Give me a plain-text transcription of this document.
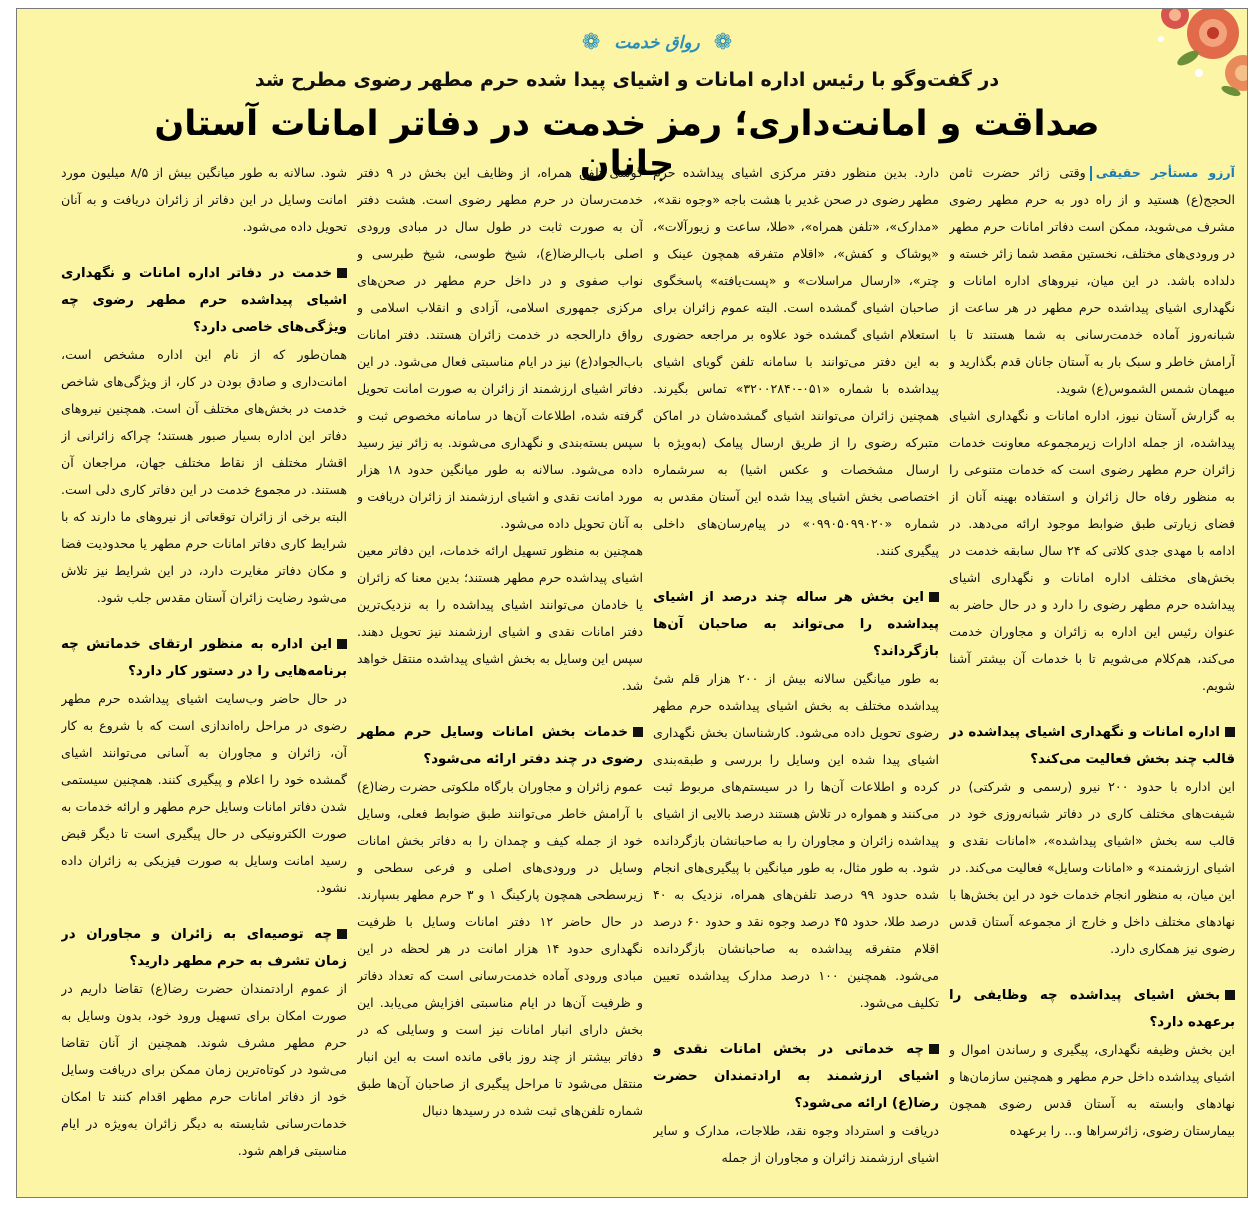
❁
رواق خدمت
❁
در گفت‌وگو با رئیس اداره امانات و اشیای پیدا شده حرم مطهر رضوی مطرح شد
صداقت و امانت‌داری؛ رمز خدمت در دفاتر امانات آستان جانان	آرزو مستأجر حقیقیوقتی زائر حضرت ثامن الحجج(ع) هستید و از راه دور به حرم مطهر رضوی مشرف می‌شوید، ممکن است دفاتر امانات حرم مطهر در ورودی‌های مختلف، نخستین مقصد شما زائر خسته و دلداده باشد. در این میان، نیروهای اداره امانات و نگهداری اشیای پیداشده حرم مطهر در هر ساعت از شبانه‌روز آماده خدمت‌رسانی به شما هستند تا با آرامش خاطر و سبک بار به آستان جانان قدم بگذارید و میهمان شمس الشموس(ع) شوید.

به گزارش آستان نیوز، اداره امانات و نگهداری اشیای پیداشده، از جمله ادارات زیرمجموعه معاونت خدمات زائران حرم مطهر رضوی است که خدمات متنوعی را به منظور رفاه حال زائران و استفاده بهینه آنان از فضای زیارتی طبق ضوابط موجود ارائه می‌دهد. در ادامه با مهدی جدی کلاتی که ۲۴ سال سابقه خدمت در بخش‌های مختلف اداره امانات و نگهداری اشیای پیداشده حرم مطهر رضوی را دارد و در حال حاضر به عنوان رئیس این اداره به زائران و مجاوران خدمت می‌کند، هم‌کلام می‌شویم تا با خدمات آن بیشتر آشنا شویم.

اداره امانات و نگهداری اشیای پیداشده در قالب چند بخش فعالیت می‌کند؟

این اداره با حدود ۲۰۰ نیرو (رسمی و شرکتی) در شیفت‌های مختلف کاری در دفاتر شبانه‌روزی خود در قالب سه بخش «اشیای پیداشده»، «امانات نقدی و اشیای ارزشمند» و «امانات وسایل» فعالیت می‌کند. در این میان، به منظور انجام خدمات خود در این بخش‌ها با نهادهای مختلف داخل و خارج از مجموعه آستان قدس رضوی نیز همکاری دارد.

بخش اشیای پیداشده چه وظایفی را برعهده دارد؟

این بخش وظیفه نگهداری، پیگیری و رساندن اموال و اشیای پیداشده داخل حرم مطهر و همچنین سازمان‌ها و نهادهای وابسته به آستان قدس رضوی همچون بیمارستان رضوی، زائرسراها و... را برعهده

دارد. بدین منظور دفتر مرکزی اشیای پیداشده حرم مطهر رضوی در صحن غدیر با هشت باجه «وجوه نقد»، «مدارک»، «تلفن همراه»، «طلا، ساعت و زیورآلات»، «پوشاک و کفش»، «اقلام متفرقه همچون عینک و چتر»، «ارسال مراسلات» و «پست‌یافته» پاسخگوی صاحبان اشیای گمشده است. البته عموم زائران برای استعلام اشیای گمشده خود علاوه بر مراجعه حضوری به این دفتر می‌توانند با سامانه تلفن گویای اشیای پیداشده با شماره «۰۵۱-۳۲۰۰۲۸۴۰» تماس بگیرند. همچنین زائران می‌توانند اشیای گمشده‌شان در اماکن متبرکه رضوی را از طریق ارسال پیامک (به‌ویژه با ارسال مشخصات و عکس اشیا) به سرشماره اختصاصی بخش اشیای پیدا شده این آستان مقدس به شماره «۰۹۹۰۵۰۹۹۰۲۰» در پیام‌رسان‌های داخلی پیگیری کنند.

این بخش هر ساله چند درصد از اشیای پیداشده را می‌تواند به صاحبان آن‌ها بازگرداند؟

به طور میانگین سالانه بیش از ۲۰۰ هزار قلم شیٔ پیداشده مختلف به بخش اشیای پیداشده حرم مطهر رضوی تحویل داده می‌شود. کارشناسان بخش نگهداری اشیای پیدا شده این وسایل را بررسی و طبقه‌بندی کرده و اطلاعات آن‌ها را در سیستم‌های مربوط ثبت می‌کنند و همواره در تلاش هستند درصد بالایی از اشیای پیداشده زائران و مجاوران را به صاحبانشان بازگردانده شود. به طور مثال، به طور میانگین با پیگیری‌های انجام شده حدود ۹۹ درصد تلفن‌های همراه، نزدیک به ۴۰ درصد طلا، حدود ۴۵ درصد وجوه نقد و حدود ۶۰ درصد اقلام متفرقه پیداشده به صاحبانشان بازگردانده می‌شود. همچنین ۱۰۰ درصد مدارک پیداشده تعیین تکلیف می‌شود.

چه خدماتی در بخش امانات نقدی و اشیای ارزشمند به ارادتمندان حضرت رضا(ع) ارائه می‌شود؟

دریافت و استرداد وجوه نقد، طلاجات، مدارک و سایر اشیای ارزشمند زائران و مجاوران از جمله

گوشی تلفن همراه، از وظایف این بخش در ۹ دفتر خدمت‌رسان در حرم مطهر رضوی است. هشت دفتر آن به صورت ثابت در طول سال در مبادی ورودی اصلی باب‌الرضا(ع)، شیخ طوسی، شیخ طبرسی و نواب صفوی و در داخل حرم مطهر در صحن‌های مرکزی جمهوری اسلامی، آزادی و انقلاب اسلامی و رواق دارالحجه در خدمت زائران هستند. دفتر امانات باب‌الجواد(ع) نیز در ایام مناسبتی فعال می‌شود. در این دفاتر اشیای ارزشمند از زائران به صورت امانت تحویل گرفته شده، اطلاعات آن‌ها در سامانه مخصوص ثبت و سپس بسته‌بندی و نگهداری می‌شوند. به زائر نیز رسید داده می‌شود. سالانه به طور میانگین حدود ۱۸ هزار مورد امانت نقدی و اشیای ارزشمند از زائران دریافت و به آنان تحویل داده می‌شود.

همچنین به منظور تسهیل ارائه خدمات، این دفاتر معین اشیای پیداشده حرم مطهر هستند؛ بدین معنا که زائران یا خادمان می‌توانند اشیای پیداشده را به نزدیک‌ترین دفتر امانات نقدی و اشیای ارزشمند نیز تحویل دهند. سپس این وسایل به بخش اشیای پیداشده منتقل خواهد شد.

خدمات بخش امانات وسایل حرم مطهر رضوی در چند دفتر ارائه می‌شود؟

عموم زائران و مجاوران بارگاه ملکوتی حضرت رضا(ع) با آرامش خاطر می‌توانند طبق ضوابط فعلی، وسایل خود از جمله کیف و چمدان را به دفاتر بخش امانات وسایل در ورودی‌های اصلی و فرعی سطحی و زیرسطحی همچون پارکینگ ۱ و ۳ حرم مطهر بسپارند. در حال حاضر ۱۲ دفتر امانات وسایل با ظرفیت نگهداری حدود ۱۴ هزار امانت در هر لحظه در این مبادی ورودی آماده خدمت‌رسانی است که تعداد دفاتر و ظرفیت آن‌ها در ایام مناسبتی افزایش می‌یابد. این بخش دارای انبار امانات نیز است و وسایلی که در دفاتر بیشتر از چند روز باقی مانده است به این انبار منتقل می‌شود تا مراحل پیگیری از صاحبان آن‌ها طبق شماره تلفن‌های ثبت شده در رسیدها دنبال

شود. سالانه به طور میانگین بیش از ۸/۵ میلیون مورد امانت وسایل در این دفاتر از زائران دریافت و به آنان تحویل داده می‌شود.

خدمت در دفاتر اداره امانات و نگهداری اشیای پیداشده حرم مطهر رضوی چه ویژگی‌های خاصی دارد؟

همان‌طور که از نام این اداره مشخص است، امانت‌داری و صادق بودن در کار، از ویژگی‌های شاخص خدمت در بخش‌های مختلف آن است. همچنین نیروهای دفاتر این اداره بسیار صبور هستند؛ چراکه زائرانی از اقشار مختلف از نقاط مختلف جهان، مراجعان آن هستند. در مجموع خدمت در این دفاتر کاری دلی است. البته برخی از زائران توقعاتی از نیروهای ما دارند که با شرایط کاری دفاتر امانات حرم مطهر یا محدودیت فضا و مکان دفاتر مغایرت دارد، در این شرایط نیز تلاش می‌شود رضایت زائران آستان مقدس جلب شود.

این اداره به منظور ارتقای خدماتش چه برنامه‌هایی را در دستور کار دارد؟

در حال حاضر وب‌سایت اشیای پیداشده حرم مطهر رضوی در مراحل راه‌اندازی است که با شروع به کار آن، زائران و مجاوران به آسانی می‌توانند اشیای گمشده خود را اعلام و پیگیری کنند. همچنین سیستمی شدن دفاتر امانات وسایل حرم مطهر و ارائه خدمات به صورت الکترونیکی در حال پیگیری است تا دیگر قبض رسید امانت وسایل به صورت فیزیکی به زائران داده نشود.

چه توصیه‌ای به زائران و مجاوران در زمان تشرف به حرم مطهر دارید؟

از عموم ارادتمندان حضرت رضا(ع) تقاضا داریم در صورت امکان برای تسهیل ورود خود، بدون وسایل به حرم مطهر مشرف شوند. همچنین از آنان تقاضا می‌شود در کوتاه‌ترین زمان ممکن برای دریافت وسایل خود از دفاتر امانات حرم مطهر اقدام کنند تا امکان خدمات‌رسانی شایسته به دیگر زائران به‌ویژه در ایام مناسبتی فراهم شود.
